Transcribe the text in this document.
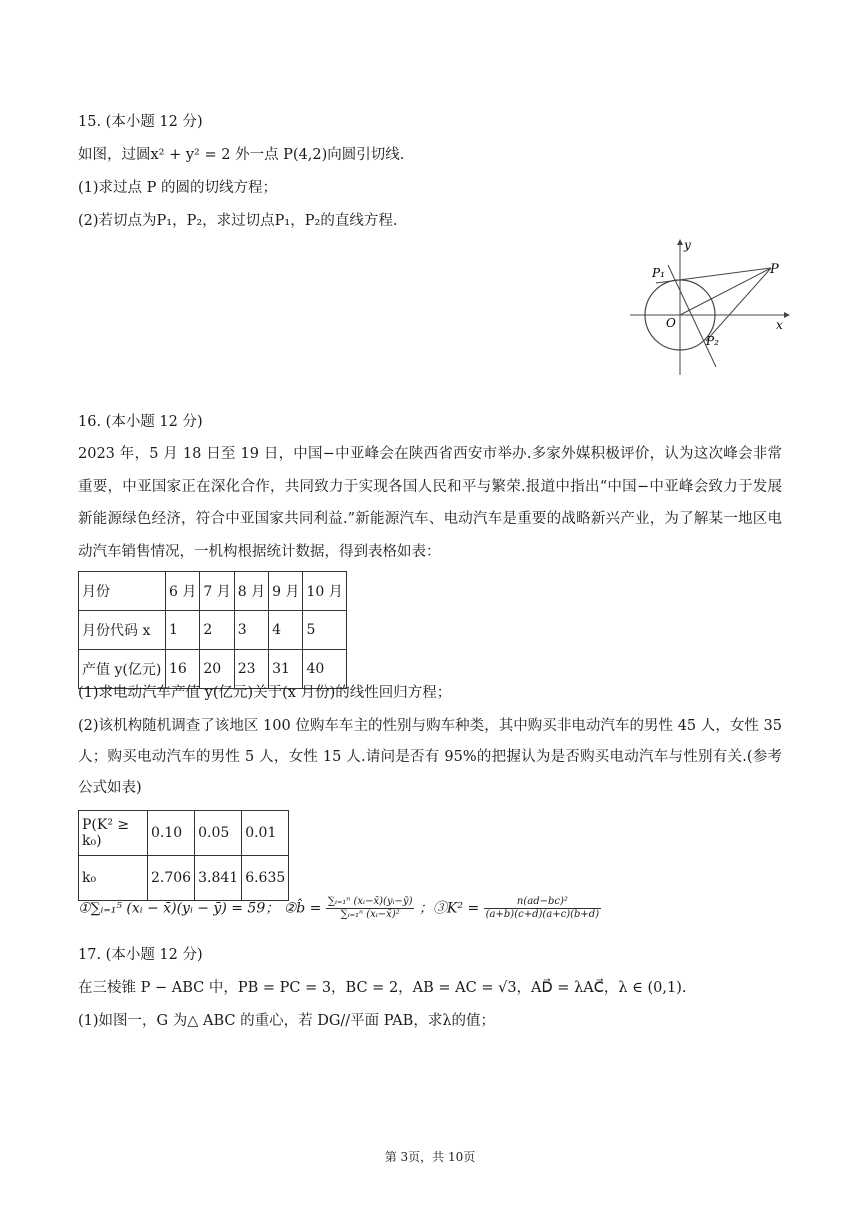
15. (本小题 12 分)
如图，过圆x² + y² = 2 外一点 P(4,2)向圆引切线.
(1)求过点 P 的圆的切线方程；
(2)若切点为P₁，P₂，求过切点P₁，P₂的直线方程.
y
x
O
P
P₁
P₂
16. (本小题 12 分)
2023 年，5 月 18 日至 19 日，中国−中亚峰会在陕西省西安市举办.多家外媒积极评价，认为这次峰会非常重要，中亚国家正在深化合作，共同致力于实现各国人民和平与繁荣.报道中指出“中国−中亚峰会致力于发展新能源绿色经济，符合中亚国家共同利益.”新能源汽车、电动汽车是重要的战略新兴产业，为了解某一地区电动汽车销售情况，一机构根据统计数据，得到表格如表：
月份	6 月	7 月	8 月	9 月	10 月
月份代码 x	1	2	3	4	5
产值 y(亿元)	16	20	23	31	40
(1)求电动汽车产值 y(亿元)关于(x 月份)的线性回归方程；
(2)该机构随机调查了该地区 100 位购车车主的性别与购车种类，其中购买非电动汽车的男性 45 人，女性 35 人；购买电动汽车的男性 5 人，女性 15 人.请问是否有 95%的把握认为是否购买电动汽车与性别有关.(参考公式如表)
P(K² ≥ k₀)	0.10	0.05	0.01
k₀	2.706	3.841	6.635
①∑ᵢ₌₁⁵ (xᵢ − x̄)(yᵢ − ȳ) = 59； ②b̂ = $\frac{\text{∑ᵢ₌₁ⁿ (xᵢ−x̄)(yᵢ−ȳ)}}{\text{∑ᵢ₌₁ⁿ (xᵢ−x̄)²}}$ ；③K² = $\frac{\text{n(ad−bc)²}}{(a+b)(c+d)(a+c)(b+d)}$
17. (本小题 12 分)
在三棱锥 P − ABC 中，PB = PC = 3，BC = 2，AB = AC = √3，AD⃗ = λAC⃗，λ ∈ (0,1).
(1)如图一，G 为△ ABC 的重心，若 DG//平面 PAB，求λ的值；
第 3页，共 10页
